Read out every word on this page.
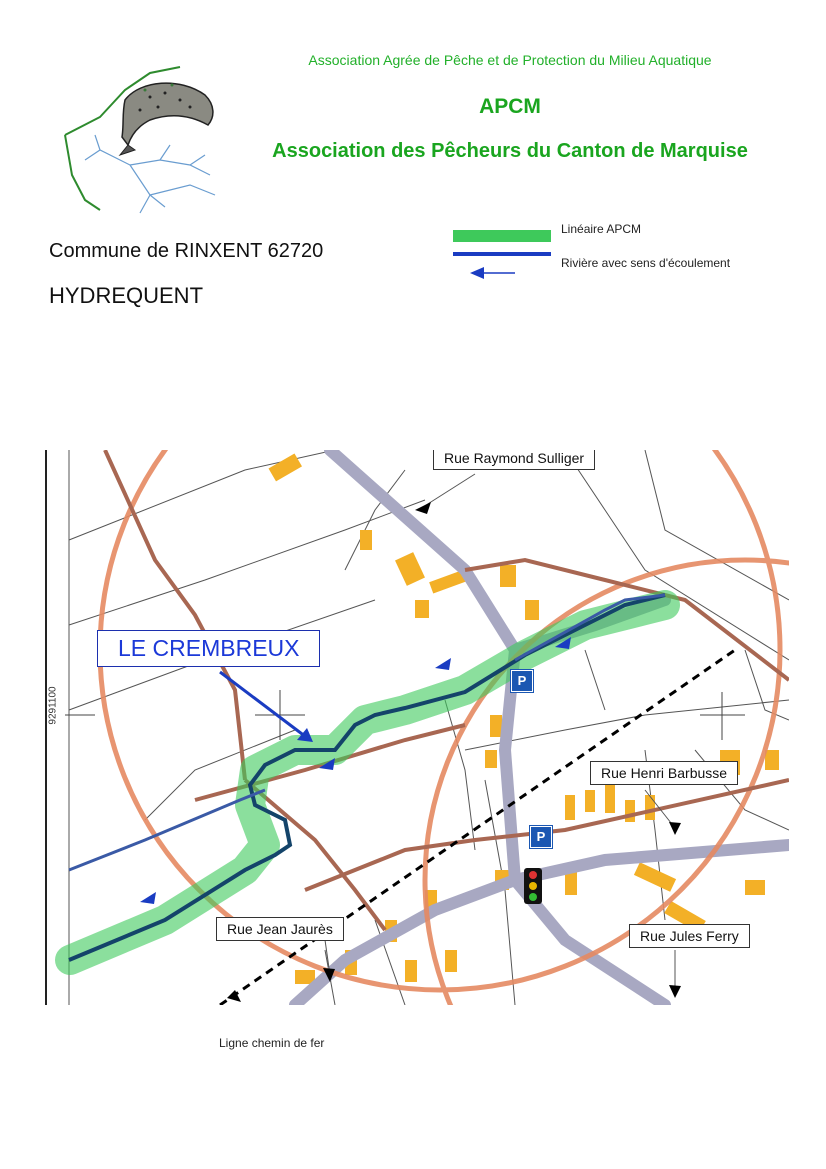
Association Agrée de Pêche et de Protection du Milieu Aquatique
APCM
Association des Pêcheurs du Canton de Marquise
Commune de RINXENT 62720
HYDREQUENT
Linéaire APCM
Rivière avec sens d'écoulement
9291100
LE CREMBREUX
Rue Raymond Sulliger
Rue Henri Barbusse
Rue Jean Jaurès	Rue Jules Ferry
P
P
Ligne chemin de fer
